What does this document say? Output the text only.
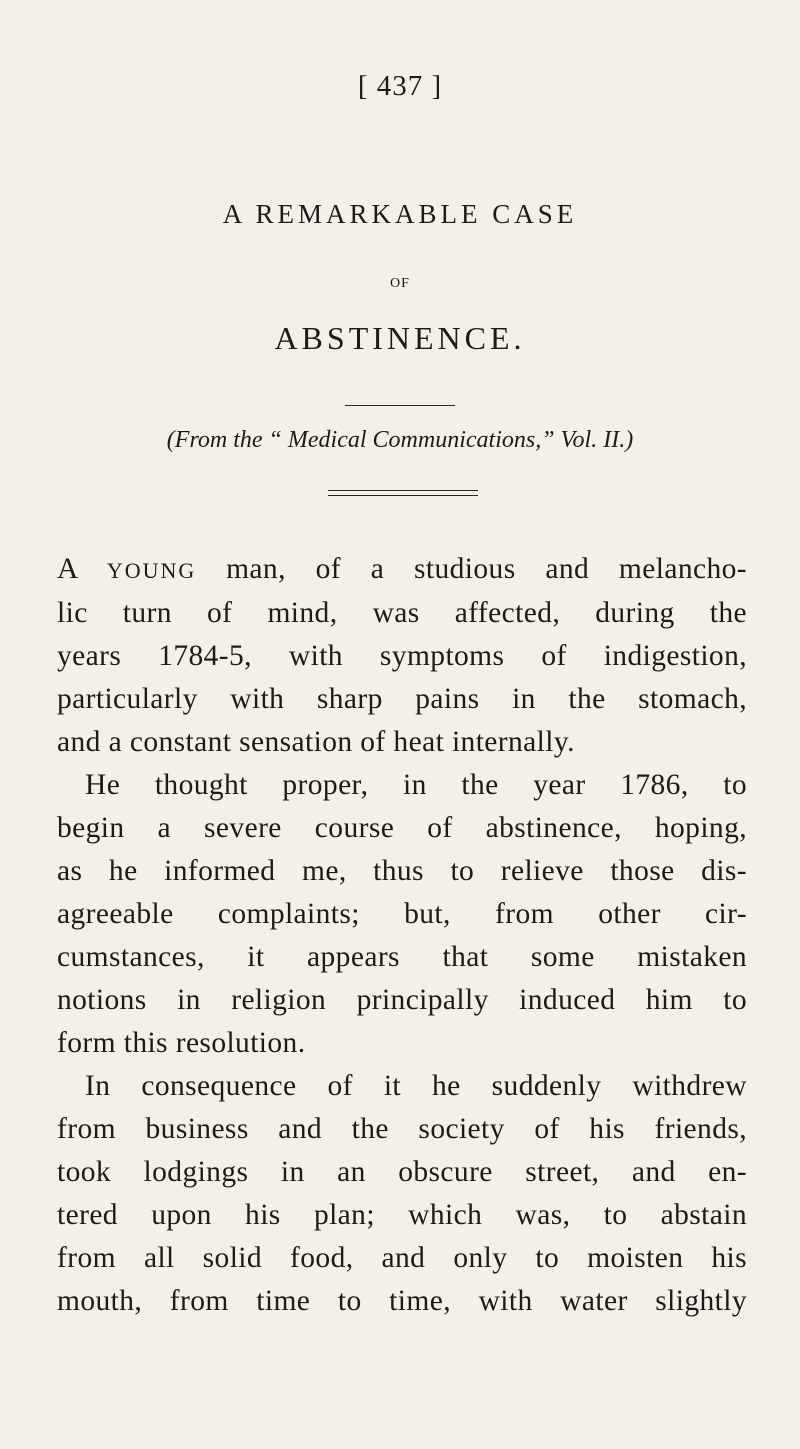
[ 437 ]
A REMARKABLE CASE
OF
ABSTINENCE.
(From the “ Medical Communications,” Vol. II.)
A YOUNG man, of a studious and melancho-
lic turn of mind, was affected, during the
years 1784-5, with symptoms of indigestion,
particularly with sharp pains in the stomach,
and a constant sensation of heat internally.
He thought proper, in the year 1786, to
begin a severe course of abstinence, hoping,
as he informed me, thus to relieve those dis-
agreeable complaints; but, from other cir-
cumstances, it appears that some mistaken
notions in religion principally induced him to
form this resolution.
In consequence of it he suddenly withdrew
from business and the society of his friends,
took lodgings in an obscure street, and en-
tered upon his plan; which was, to abstain
from all solid food, and only to moisten his
mouth, from time to time, with water slightly
